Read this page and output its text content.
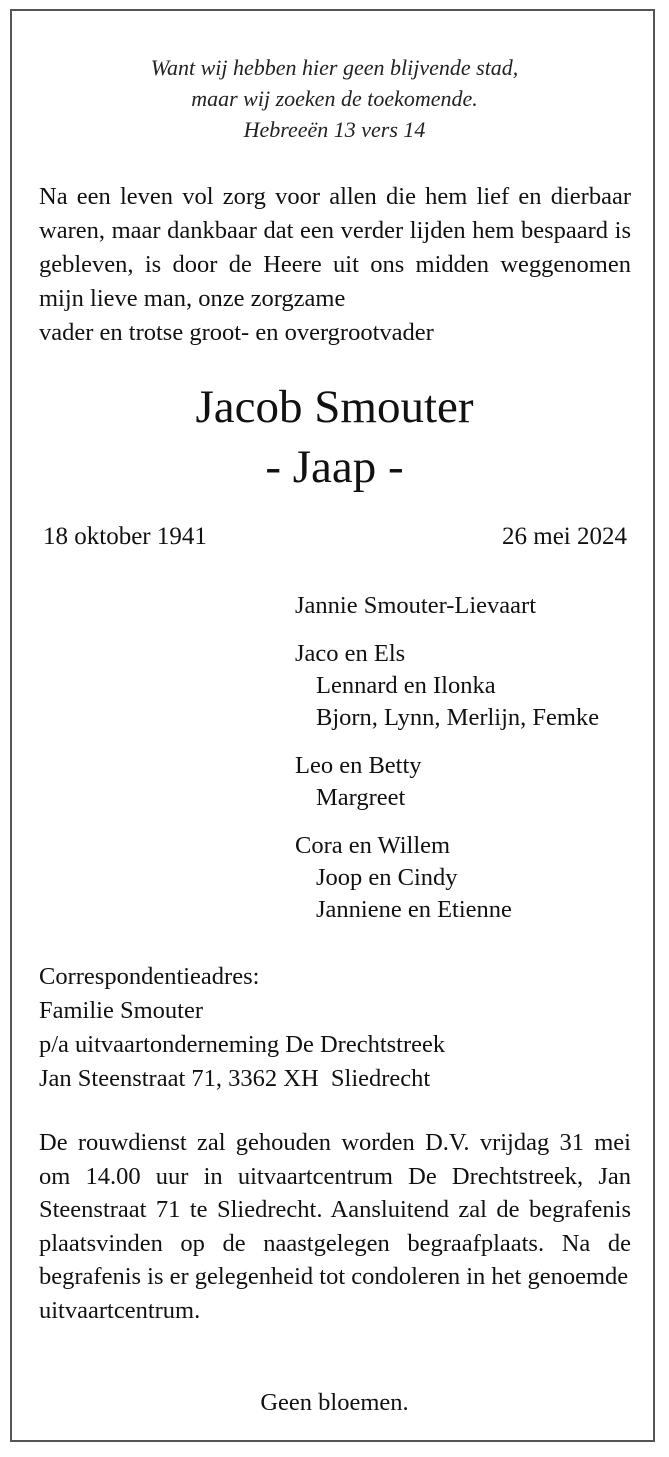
Want wij hebben hier geen blijvende stad,
maar wij zoeken de toekomende.
Hebreeën 13 vers 14
Na een leven vol zorg voor allen die hem lief en dierbaar waren, maar dankbaar dat een verder lijden hem bespaard is gebleven, is door de Heere uit ons midden weggenomen mijn lieve man, onze zorgzame
vader en trotse groot- en overgrootvader
Jacob Smouter
- Jaap -
18 oktober 1941	26 mei 2024
Jannie Smouter-Lievaart
Jaco en Els
Lennard en Ilonka
Bjorn, Lynn, Merlijn, Femke
Leo en Betty
Margreet
Cora en Willem
Joop en Cindy
Janniene en Etienne
Correspondentieadres:
Familie Smouter
p/a uitvaartonderneming De Drechtstreek
Jan Steenstraat 71, 3362 XH  Sliedrecht
De rouwdienst zal gehouden worden D.V. vrijdag 31 mei om 14.00 uur in uitvaartcentrum De Drechtstreek, Jan Steenstraat 71 te Sliedrecht. Aansluitend zal de begrafenis plaatsvinden op de naastgelegen begraafplaats. Na de begrafenis is er gelegenheid tot condoleren in het genoemde
uitvaartcentrum.
Geen bloemen.
